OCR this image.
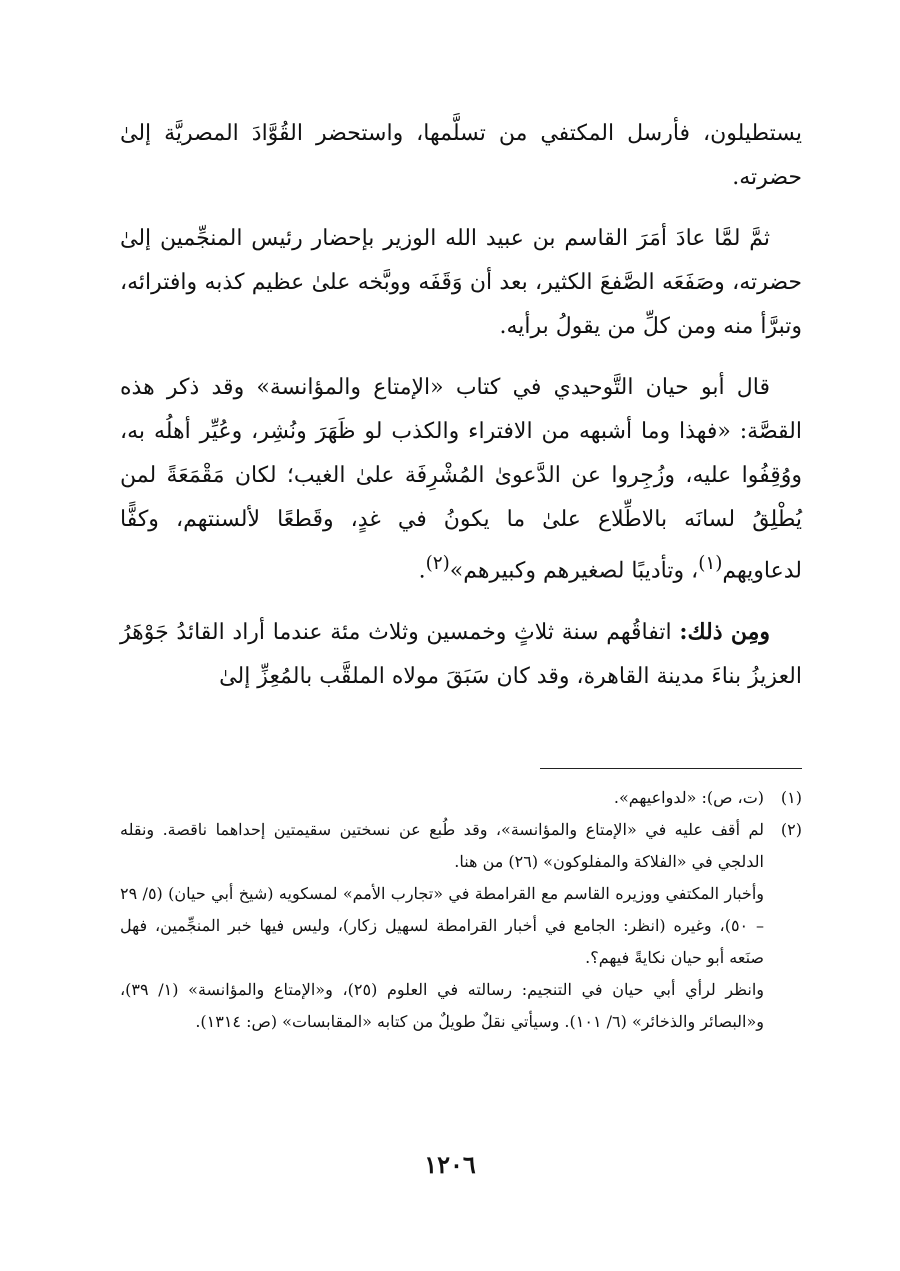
يستطيلون، فأرسل المكتفي من تسلَّمها، واستحضر القُوَّادَ المصريَّة إلىٰ حضرته.

ثمَّ لمَّا عادَ أمَرَ القاسم بن عبيد الله الوزير بإحضار رئيس المنجِّمين إلىٰ حضرته، وصَفَعَه الصَّفعَ الكثير، بعد أن وَقَفَه ووبَّخه علىٰ عظيم كذبه وافترائه، وتبرَّأ منه ومن كلِّ من يقولُ برأيه.

قال أبو حيان التَّوحيدي في كتاب «الإمتاع والمؤانسة» وقد ذكر هذه القصَّة: «فهذا وما أشبهه من الافتراء والكذب لو ظَهَرَ ونُشِر، وعُيِّر أهلُه به، ووُقِفُوا عليه، وزُجِروا عن الدَّعوىٰ المُشْرِفَة علىٰ الغيب؛ لكان مَقْمَعَةً لمن يُطْلِقُ لسانَه بالاطِّلاع علىٰ ما يكونُ في غدٍ، وقَطعًا لألسنتهم، وكفًّا لدعاويهم$^{(١)}$، وتأديبًا لصغيرهم وكبيرهم»$^{(٢)}$.

ومِن ذلك: اتفاقُهم سنة ثلاثٍ وخمسين وثلاث مئة عندما أراد القائدُ جَوْهَرُ العزيزُ بناءَ مدينة القاهرة، وقد كان سَبَقَ مولاه الملقَّب بالمُعِزِّ إلىٰ

(١)

(ت، ص): «لدواعيهم».

(٢)

لم أقف عليه في «الإمتاع والمؤانسة»، وقد طُبع عن نسختين سقيمتين إحداهما ناقصة. ونقله الدلجي في «الفلاكة والمفلوكون» (٢٦) من هنا.

وأخبار المكتفي ووزيره القاسم مع القرامطة في «تجارب الأمم» لمسكويه (شيخ أبي حيان) (٥/ ٢٩ – ٥٠)، وغيره (انظر: الجامع في أخبار القرامطة لسهيل زكار)، وليس فيها خبر المنجِّمين، فهل صنَعه أبو حيان نكايةً فيهم؟.

وانظر لرأي أبي حيان في التنجيم: رسالته في العلوم (٢٥)، و«الإمتاع والمؤانسة» (١/ ٣٩)، و«البصائر والذخائر» (٦/ ١٠١). وسيأتي نقلٌ طويلٌ من كتابه «المقابسات» (ص: ١٣١٤).

١٢٠٦
